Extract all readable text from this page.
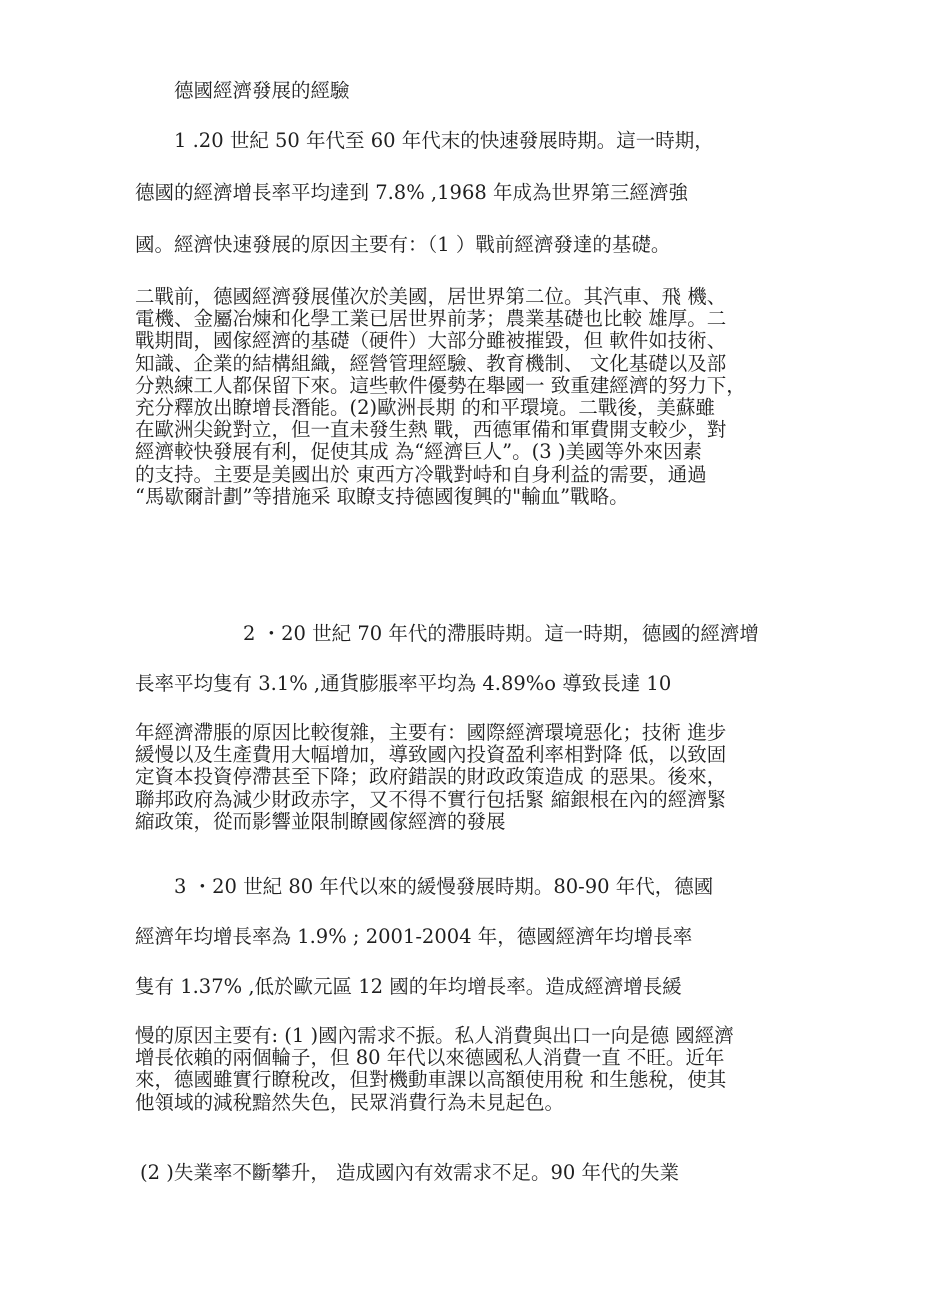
德國經濟發展的經驗

1 .20 世紀 50 年代至 60 年代末的快速發展時期。這一時期，

德國的經濟增長率平均達到 7.8% ,1968 年成為世界第三經濟強

國。經濟快速發展的原因主要有：（1 ）戰前經濟發達的基礎。

二戰前，德國經濟發展僅次於美國，居世界第二位。其汽車、飛 機、
電機、金屬冶煉和化學工業已居世界前茅；農業基礎也比較 雄厚。二
戰期間，國傢經濟的基礎（硬件）大部分雖被摧毀，但 軟件如技術、
知識、企業的結構組織，經營管理經驗、教育機制、 文化基礎以及部
分熟練工人都保留下來。這些軟件優勢在舉國一 致重建經濟的努力下，
充分釋放出瞭增長潛能。(2)歐洲長期 的和平環境。二戰後，美蘇雖
在歐洲尖銳對立，但一直未發生熱 戰，西德軍備和軍費開支較少，對
經濟較快發展有利，促使其成 為“經濟巨人”。(3 )美國等外來因素
的支持。主要是美國出於 東西方冷戰對峙和自身利益的需要，通過
“馬歇爾計劃”等措施采 取瞭支持德國復興的"輸血”戰略。

2 ・20 世紀 70 年代的滯脹時期。這一時期，德國的經濟增

長率平均隻有 3.1% ,通貨膨脹率平均為 4.89%o 導致長達 10

年經濟滯脹的原因比較復雜，主要有：國際經濟環境惡化；技術 進步
緩慢以及生產費用大幅增加，導致國內投資盈利率相對降 低，以致固
定資本投資停滯甚至下降；政府錯誤的財政政策造成 的惡果。後來，
聯邦政府為減少財政赤字，又不得不實行包括緊 縮銀根在內的經濟緊
縮政策，從而影響並限制瞭國傢經濟的發展

3 ・20 世紀 80 年代以來的緩慢發展時期。80-90 年代，德國

經濟年均增長率為 1.9% ; 2001-2004 年，德國經濟年均增長率

隻有 1.37% ,低於歐元區 12 國的年均增長率。造成經濟增長緩

慢的原因主要有: (1 )國內需求不振。私人消費與出口一向是德 國經濟
增長依賴的兩個輪子，但 80 年代以來德國私人消費一直 不旺。近年
來，德國雖實行瞭稅改，但對機動車課以高額使用稅 和生態稅，使其
他領域的減稅黯然失色，民眾消費行為未見起色。

(2 )失業率不斷攀升， 造成國內有效需求不足。90 年代的失業
